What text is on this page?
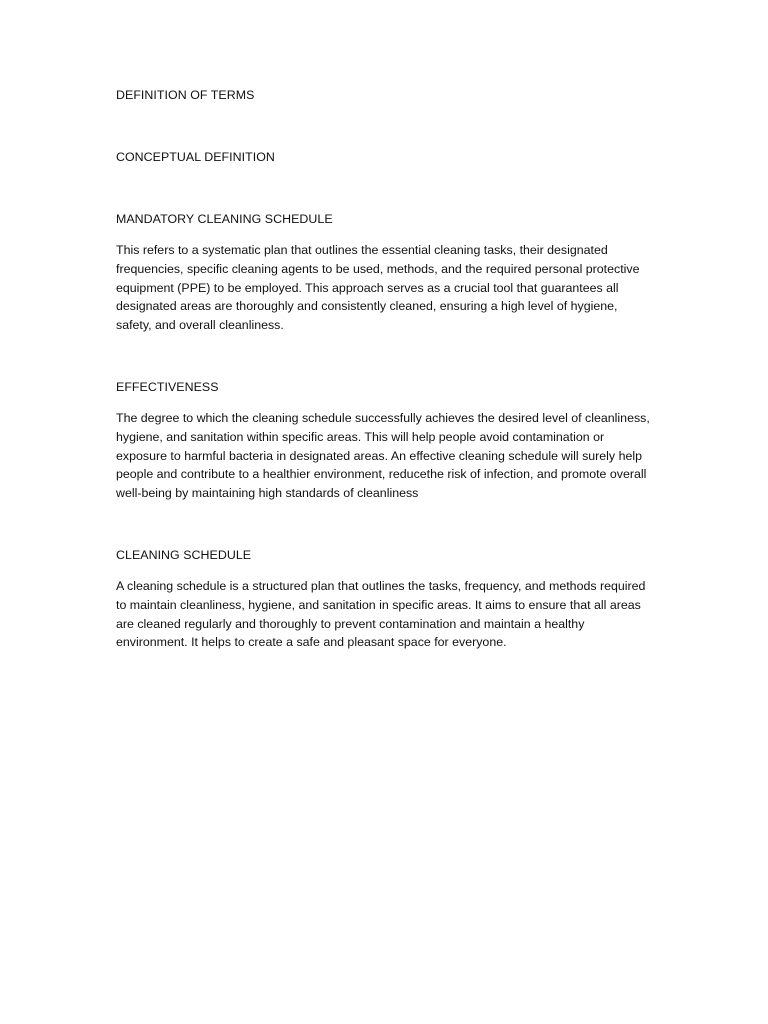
DEFINITION OF TERMS

CONCEPTUAL DEFINITION

MANDATORY CLEANING SCHEDULE

This refers to a systematic plan that outlines the essential cleaning tasks, their designated frequencies, specific cleaning agents to be used, methods, and the required personal protective equipment (PPE) to be employed. This approach serves as a crucial tool that guarantees all designated areas are thoroughly and consistently cleaned, ensuring a high level of hygiene, safety, and overall cleanliness.

EFFECTIVENESS

The degree to which the cleaning schedule successfully achieves the desired level of cleanliness, hygiene, and sanitation within specific areas. This will help people avoid contamination or exposure to harmful bacteria in designated areas. An effective cleaning schedule will surely help people and contribute to a healthier environment, reducethe risk of infection, and promote overall well-being by maintaining high standards of cleanliness

CLEANING SCHEDULE

A cleaning schedule is a structured plan that outlines the tasks, frequency, and methods required to maintain cleanliness, hygiene, and sanitation in specific areas. It aims to ensure that all areas are cleaned regularly and thoroughly to prevent contamination and maintain a healthy environment. It helps to create a safe and pleasant space for everyone.
